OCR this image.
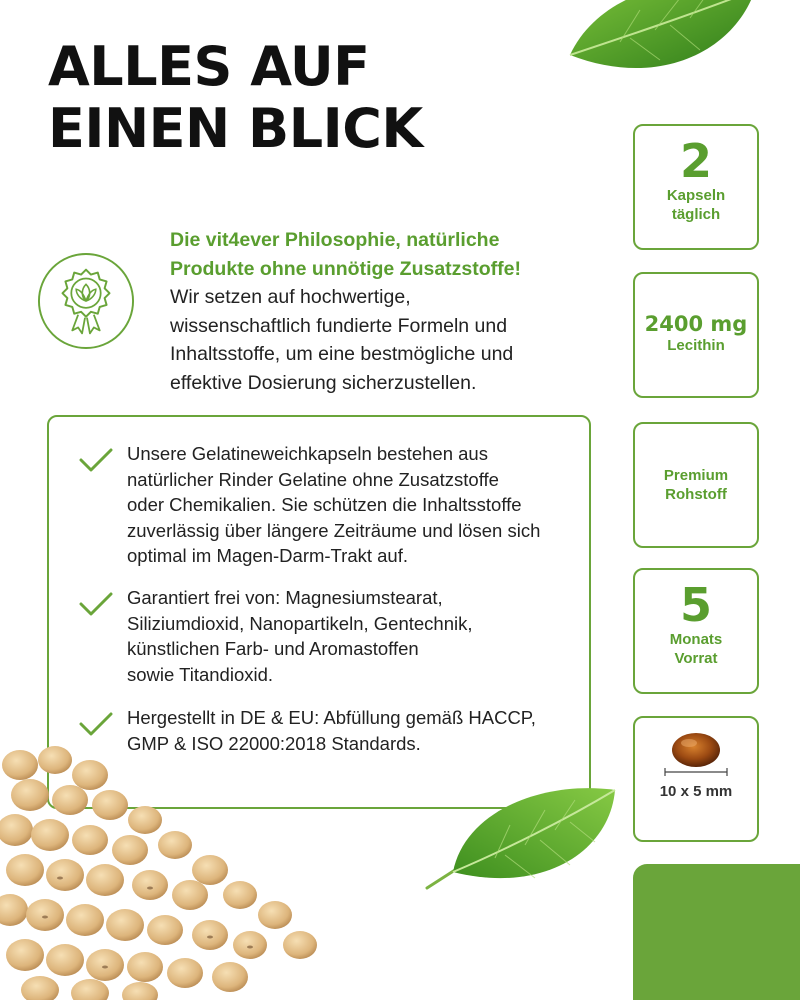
ALLES AUF
EINEN BLICK
Die vit4ever Philosophie, natürliche
Produkte ohne unnötige Zusatzstoffe!
Wir setzen auf hochwertige,
wissenschaftlich fundierte Formeln und
Inhaltsstoffe, um eine bestmögliche und
effektive Dosierung sicherzustellen.
Unsere Gelatineweichkapseln bestehen aus
natürlicher Rinder Gelatine ohne Zusatzstoffe
oder Chemikalien. Sie schützen die Inhaltsstoffe
zuverlässig über längere Zeiträume und lösen sich
optimal im Magen-Darm-Trakt auf.
Garantiert frei von: Magnesiumstearat,
Siliziumdioxid, Nanopartikeln, Gentechnik,
künstlichen Farb- und Aromastoffen
sowie Titandioxid.
Hergestellt in DE & EU: Abfüllung gemäß HACCP,
GMP & ISO 22000:2018 Standards.
2
Kapseln
täglich
2400 mg
Lecithin
Premium
Rohstoff
5
Monats
Vorrat
10 x 5 mm
